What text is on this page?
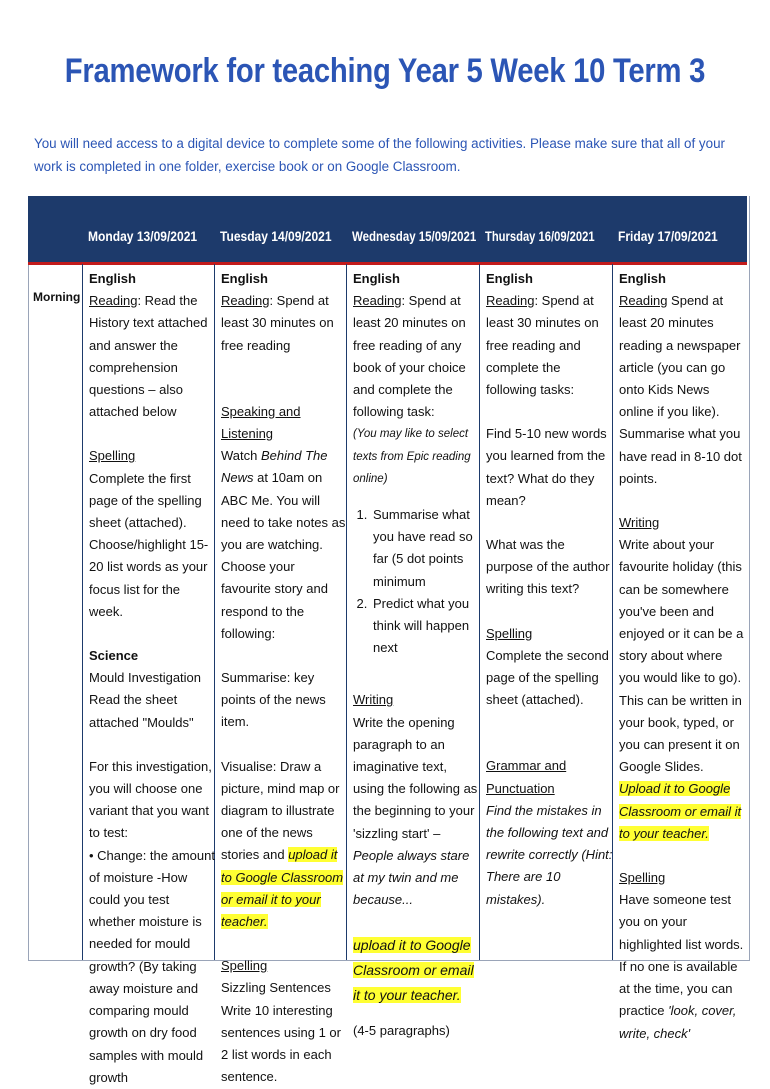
Framework for teaching Year 5 Week 10 Term 3
You will need access to a digital device to complete some of the following activities. Please make sure that all of your work is completed in one folder, exercise book or on Google Classroom.
Monday 13/09/2021 Tuesday 14/09/2021 Wednesday 15/09/2021 Thursday 16/09/2021 Friday 17/09/2021
Morning

English

Reading: Read the History text attached and answer the comprehension questions – also attached below

Spelling

Complete the first page of the spelling sheet (attached).

Choose/highlight 15-20 list words as your focus list for the week.

Science

Mould Investigation

Read the sheet attached "Moulds"

For this investigation, you will choose one variant that you want to test:

• Change: the amount of moisture -How could you test whether moisture is needed for mould growth? (By taking away moisture and comparing mould growth on dry food samples with mould growth

English

Reading: Spend at least 30 minutes on free reading

Speaking and Listening

Watch Behind The News at 10am on ABC Me. You will need to take notes as you are watching. Choose your favourite story and respond to the following:

Summarise: key points of the news item.

Visualise: Draw a picture, mind map or diagram to illustrate one of the news stories and upload it to Google Classroom or email it to your teacher.

Spelling

Sizzling Sentences

Write 10 interesting sentences using 1 or 2 list words in each sentence.

English

Reading: Spend at least 20 minutes on free reading of any book of your choice and complete the following task:

(You may like to select texts from Epic reading online)

1. Summarise what you have read so far (5 dot points minimum
2. Predict what you think will happen next

Writing

Write the opening paragraph to an imaginative text, using the following as the beginning to your 'sizzling start' – People always stare at my twin and me because...

upload it to Google Classroom or email it to your teacher.

(4-5 paragraphs)

English

Reading: Spend at least 30 minutes on free reading and complete the following tasks:

Find 5-10 new words you learned from the text? What do they mean?

What was the purpose of the author writing this text?

Spelling

Complete the second page of the spelling sheet (attached).

Grammar and Punctuation

Find the mistakes in the following text and rewrite correctly (Hint: There are 10 mistakes).

English

Reading Spend at least 20 minutes reading a newspaper article (you can go onto Kids News online if you like). Summarise what you have read in 8-10 dot points.

Writing

Write about your favourite holiday (this can be somewhere you've been and enjoyed or it can be a story about where you would like to go). This can be written in your book, typed, or you can present it on Google Slides.

Upload it to Google Classroom or email it to your teacher.

Spelling

Have someone test you on your highlighted list words. If no one is available at the time, you can practice 'look, cover, write, check'
